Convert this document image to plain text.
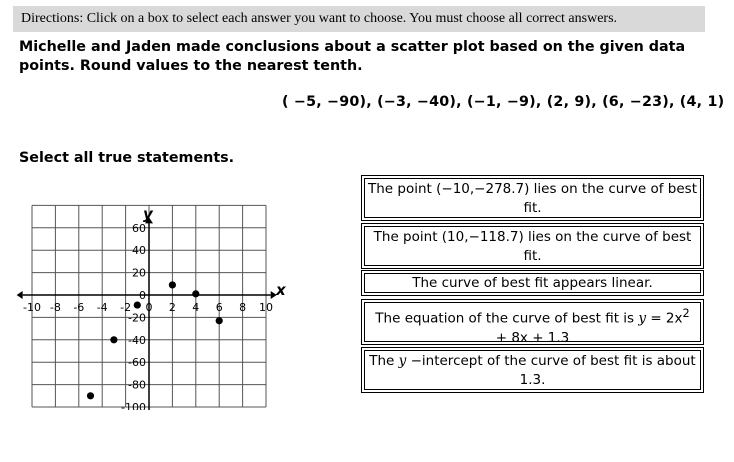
Directions: Click on a box to select each answer you want to choose. You must choose all correct answers.
Michelle and Jaden made conclusions about a scatter plot based on the given data points. Round values to the nearest tenth.
( −5, −90), (−3, −40), (−1, −9), (2, 9), (6, −23), (4, 1)
Select all true statements.
-10 -8 -6 -4 -2 0 2 4 6 8 10
60
40
20
0
-20
-40
-60
-80
-100
x
y
The point (−10,−278.7) lies on the curve of best fit.
The point (10,−118.7) lies on the curve of best fit.
The curve of best fit appears linear.
The equation of the curve of best fit is $y = 2x^2 + 8x + 1.3$
The y −intercept of the curve of best fit is about 1.3.
